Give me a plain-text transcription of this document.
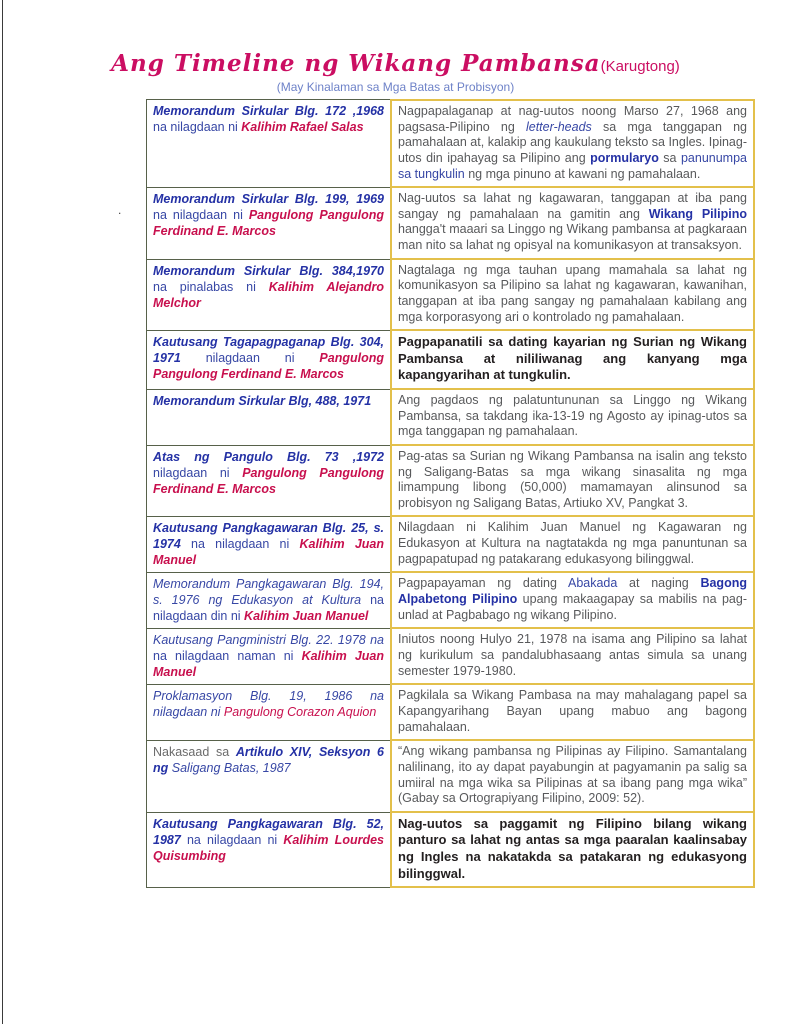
.
Ang Timeline ng Wikang Pambansa(Karugtong)
(May Kinalaman sa Mga Batas at Probisyon)
Memorandum Sirkular Blg. 172 ,1968 na nilagdaan ni Kalihim Rafael Salas
Nagpapalaganap at nag-uutos noong Marso 27, 1968 ang pagsasa-Pilipino ng letter-heads sa mga tanggapan ng pamahalaan at, kalakip ang kaukulang teksto sa Ingles. Ipinag-utos din ipahayag sa Pilipino ang pormularyo sa panunumpa sa tungkulin ng mga pinuno at kawani ng pamahalaan.
Memorandum Sirkular Blg. 199, 1969 na nilagdaan ni Pangulong Pangulong Ferdinand E. Marcos
Nag-uutos sa lahat ng kagawaran, tanggapan at iba pang sangay ng pamahalaan na gamitin ang Wikang Pilipino hangga't maaari sa Linggo ng Wikang pambansa at pagkaraan man nito sa lahat ng opisyal na komunikasyon at transaksyon.
Memorandum Sirkular Blg. 384,1970 na pinalabas ni Kalihim Alejandro Melchor
Nagtalaga ng mga tauhan upang mamahala sa lahat ng komunikasyon sa Pilipino sa lahat ng kagawaran, kawanihan, tanggapan at iba pang sangay ng pamahalaan kabilang ang mga korporasyong ari o kontrolado ng pamahalaan.
Kautusang Tagapagpaganap Blg. 304, 1971 nilagdaan ni Pangulong Pangulong Ferdinand E. Marcos
Pagpapanatili sa dating kayarian ng Surian ng Wikang Pambansa at nililiwanag ang kanyang mga kapangyarihan at tungkulin.
Memorandum Sirkular Blg, 488, 1971	Ang pagdaos ng palatuntununan sa Linggo ng Wikang Pambansa, sa takdang ika-13-19 ng Agosto ay ipinag-utos sa mga tanggapan ng pamahalaan.
Atas ng Pangulo Blg. 73 ,1972 nilagdaan ni Pangulong Pangulong Ferdinand E. Marcos
Pag-atas sa Surian ng Wikang Pambansa na isalin ang teksto ng Saligang-Batas sa mga wikang sinasalita ng mga limampung libong (50,000) mamamayan alinsunod sa probisyon ng Saligang Batas, Artiuko XV, Pangkat 3.
Kautusang Pangkagawaran Blg. 25, s. 1974 na nilagdaan ni Kalihim Juan Manuel
Nilagdaan ni Kalihim Juan Manuel ng Kagawaran ng Edukasyon at Kultura na nagtatakda ng mga panuntunan sa pagpapatupad ng patakarang edukasyong bilinggwal.
Memorandum Pangkagawaran Blg. 194, s. 1976 ng Edukasyon at Kultura na nilagdaan din ni Kalihim Juan Manuel
Pagpapayaman ng dating Abakada at naging Bagong Alpabetong Pilipino upang makaagapay sa mabilis na pag-unlad at Pagbabago ng wikang Pilipino.
Kautusang Pangministri Blg. 22. 1978 na na nilagdaan naman ni Kalihim Juan Manuel
Iniutos noong Hulyo 21, 1978 na isama ang Pilipino sa lahat ng kurikulum sa pandalubhasaang antas simula sa unang semester 1979-1980.
Proklamasyon Blg. 19, 1986 na nilagdaan ni Pangulong Corazon Aquion
Pagkilala sa Wikang Pambasa na may mahalagang papel sa Kapangyarihang Bayan upang mabuo ang bagong pamahalaan.
Nakasaad sa Artikulo XIV, Seksyon 6 ng Saligang Batas, 1987
“Ang wikang pambansa ng Pilipinas ay Filipino. Samantalang nalilinang, ito ay dapat payabungin at pagyamanin pa salig sa umiiral na mga wika sa Pilipinas at sa ibang pang mga wika” (Gabay sa Ortograpiyang Filipino, 2009: 52).
Kautusang Pangkagawaran Blg. 52, 1987 na nilagdaan ni Kalihim Lourdes Quisumbing
Nag-uutos sa paggamit ng Filipino bilang wikang panturo sa lahat ng antas sa mga paaralan kaalinsabay ng Ingles na nakatakda sa patakaran ng edukasyong bilinggwal.
